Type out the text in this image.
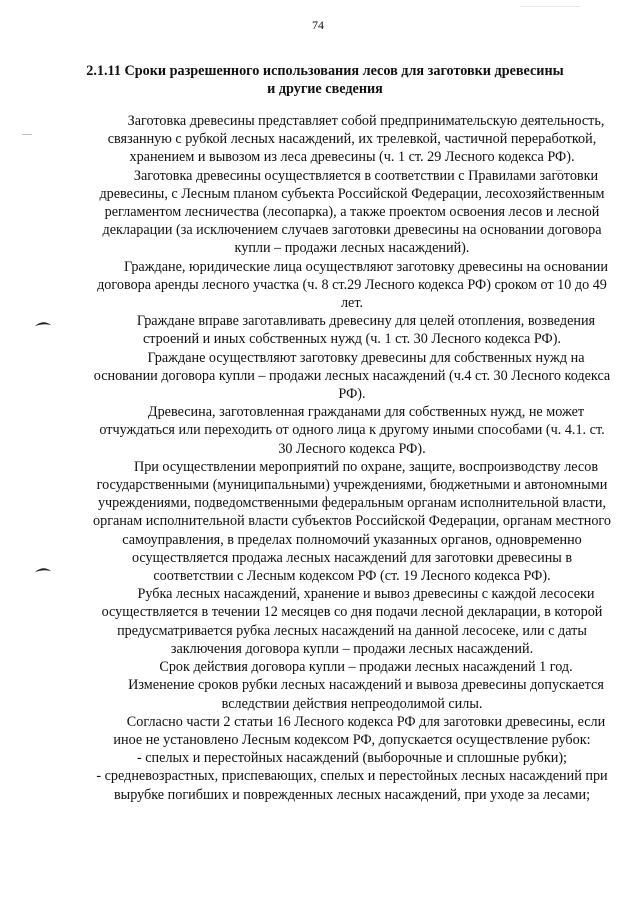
74
2.1.11 Сроки разрешенного использования лесов для заготовки древесины
и другие сведения

Заготовка древесины представляет собой предпринимательскую деятельность, связанную с рубкой лесных насаждений, их трелевкой, частичной переработкой, хранением и вывозом из леса древесины (ч. 1 ст. 29 Лесного кодекса РФ).

Заготовка древесины осуществляется в соответствии с Правилами заготовки древесины, с Лесным планом субъекта Российской Федерации, лесохозяйственным регламентом лесничества (лесопарка), а также проектом освоения лесов и лесной декларации (за исключением случаев заготовки древесины на основании договора купли – продажи лесных насаждений).

Граждане, юридические лица осуществляют заготовку древесины на основании договора аренды лесного участка (ч. 8 ст.29 Лесного кодекса РФ) сроком от 10 до 49 лет.

Граждане вправе заготавливать древесину для целей отопления, возведения строений и иных собственных нужд (ч. 1 ст. 30 Лесного кодекса РФ).

Граждане осуществляют заготовку древесины для собственных нужд на основании договора купли – продажи лесных насаждений (ч.4 ст. 30 Лесного кодекса РФ).

Древесина, заготовленная гражданами для собственных нужд, не может отчуждаться или переходить от одного лица к другому иными способами (ч. 4.1. ст. 30 Лесного кодекса РФ).

При осуществлении мероприятий по охране, защите, воспроизводству лесов государственными (муниципальными) учреждениями, бюджетными и автономными учреждениями, подведомственными федеральным органам исполнительной власти, органам исполнительной власти субъектов Российской Федерации, органам местного самоуправления, в пределах полномочий указанных органов, одновременно осуществляется продажа лесных насаждений для заготовки древесины в соответствии с Лесным кодексом РФ (ст. 19 Лесного кодекса РФ).

Рубка лесных насаждений, хранение и вывоз древесины с каждой лесосеки осуществляется в течении 12 месяцев со дня подачи лесной декларации, в которой предусматривается рубка лесных насаждений на данной лесосеке, или с даты заключения договора купли – продажи лесных насаждений.

Срок действия договора купли – продажи лесных насаждений 1 год.

Изменение сроков рубки лесных насаждений и вывоза древесины допускается вследствии действия непреодолимой силы.

Согласно части 2 статьи 16 Лесного кодекса РФ для заготовки древесины, если иное не установлено Лесным кодексом РФ, допускается осуществление рубок:

- спелых и перестойных насаждений (выборочные и сплошные рубки);

- средневозрастных, приспевающих, спелых и перестойных лесных насаждений при вырубке погибших и поврежденных лесных насаждений, при уходе за лесами;
